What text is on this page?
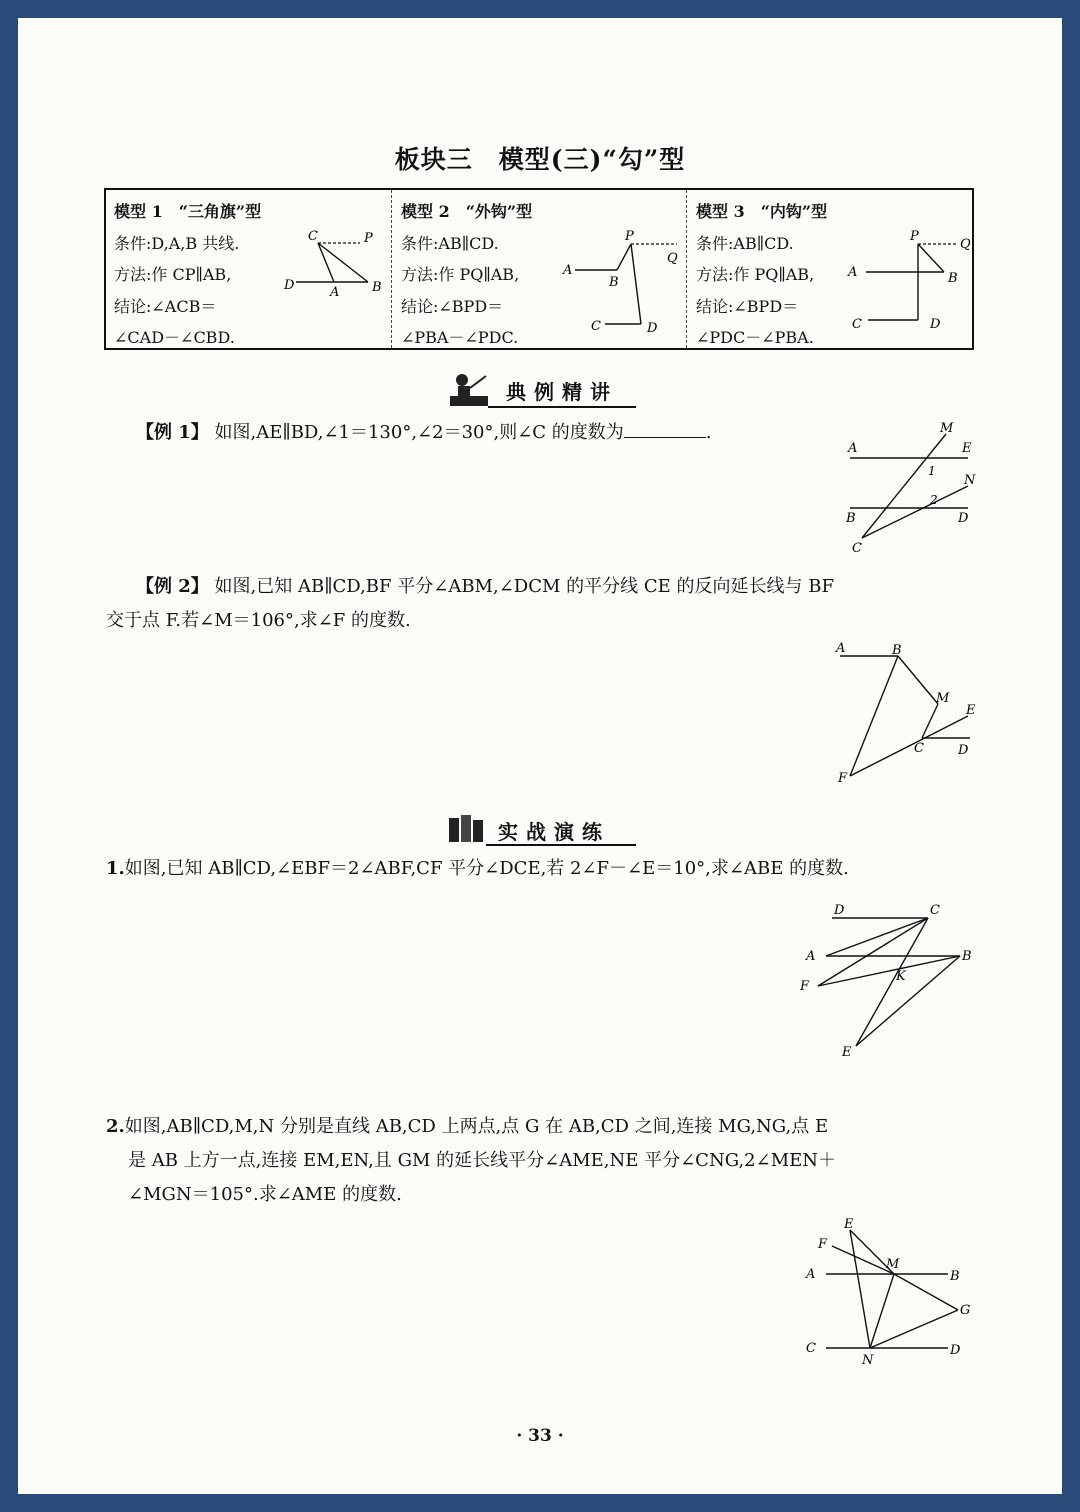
板块三　模型(三)“勾”型
模型 1　“三角旗”型
条件:D,A,B 共线.
方法:作 CP∥AB,
结论:∠ACB＝
∠CAD－∠CBD.
C	P
D	A	B
模型 2　“外钩”型
条件:AB∥CD.
方法:作 PQ∥AB,
结论:∠BPD＝
∠PBA－∠PDC.
P
Q
A
B
C	D
模型 3　“内钩”型
条件:AB∥CD.
方法:作 PQ∥AB,
结论:∠BPD＝
∠PDC－∠PBA.
P
Q
A	B
C	D
典例精讲
【例 1】 如图,AE∥BD,∠1＝130°,∠2＝30°,则∠C 的度数为	.
A
M
E
1
N
2
B	D
C
【例 2】 如图,已知 AB∥CD,BF 平分∠ABM,∠DCM 的平分线 CE 的反向延长线与 BF
交于点 F.若∠M＝106°,求∠F 的度数.
A	B
M
E
C	D
F
实战演练
1.如图,已知 AB∥CD,∠EBF＝2∠ABF,CF 平分∠DCE,若 2∠F－∠E＝10°,求∠ABE 的度数.
D	C
A	B
F
K
E
2.如图,AB∥CD,M,N 分别是直线 AB,CD 上两点,点 G 在 AB,CD 之间,连接 MG,NG,点 E
是 AB 上方一点,连接 EM,EN,且 GM 的延长线平分∠AME,NE 平分∠CNG,2∠MEN＋
∠MGN＝105°.求∠AME 的度数.
E
F
M
A	B
G
C
N
D
· 33 ·
